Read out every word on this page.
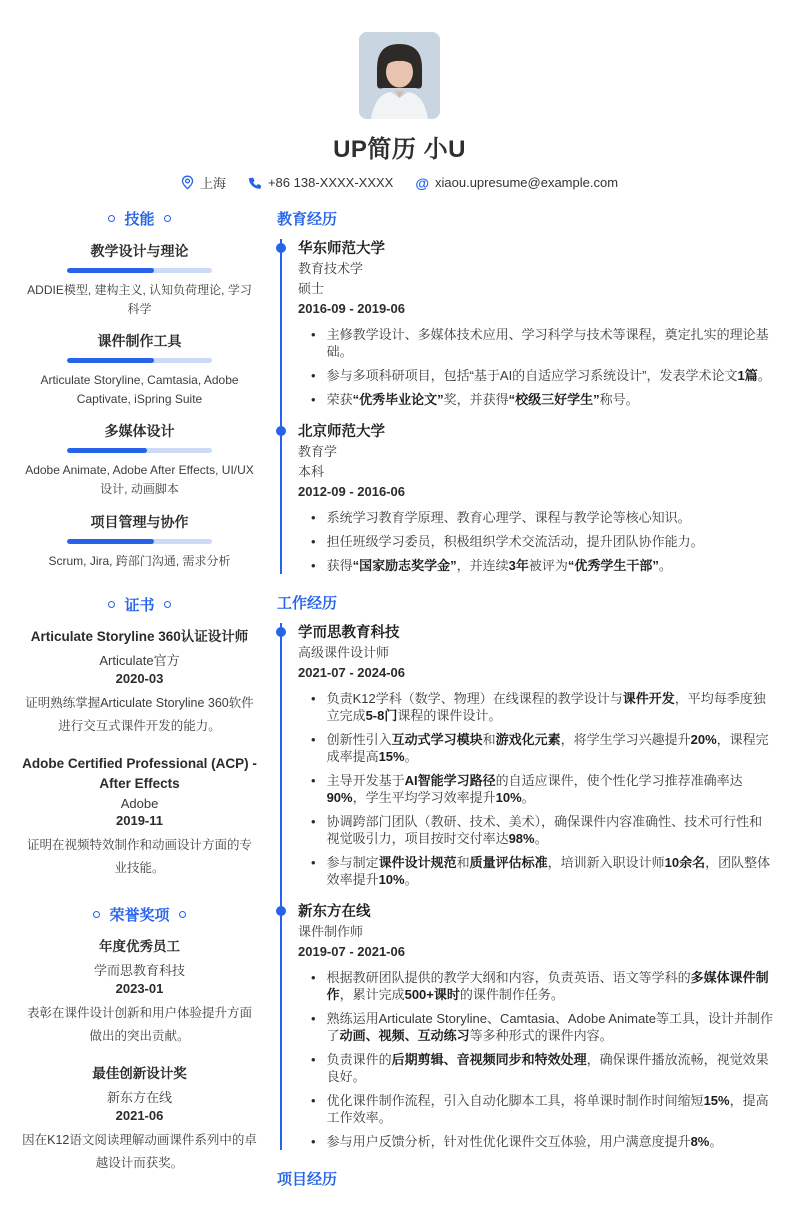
UP简历 小U
上海	+86 138-XXXX-XXXX @ xiaou.upresume@example.com
技能
教学设计与理论
ADDIE模型, 建构主义, 认知负荷理论, 学习科学
课件制作工具
Articulate Storyline, Camtasia, Adobe Captivate, iSpring Suite
多媒体设计
Adobe Animate, Adobe After Effects, UI/UX设计, 动画脚本
项目管理与协作
Scrum, Jira, 跨部门沟通, 需求分析
证书
Articulate Storyline 360认证设计师
Articulate官方
2020-03
证明熟练掌握Articulate Storyline 360软件进行交互式课件开发的能力。
Adobe Certified Professional (ACP) - After Effects
Adobe
2019-11
证明在视频特效制作和动画设计方面的专业技能。
荣誉奖项
年度优秀员工
学而思教育科技
2023-01
表彰在课件设计创新和用户体验提升方面做出的突出贡献。
最佳创新设计奖
新东方在线
2021-06
因在K12语文阅读理解动画课件系列中的卓越设计而获奖。
教育经历
华东师范大学
教育技术学
硕士
2016-09 - 2019-06
• 主修教学设计、多媒体技术应用、学习科学与技术等课程，奠定扎实的理论基础。
• 参与多项科研项目，包括“基于AI的自适应学习系统设计”，发表学术论文1篇。
• 荣获“优秀毕业论文”奖，并获得“校级三好学生”称号。
北京师范大学
教育学
本科
2012-09 - 2016-06
• 系统学习教育学原理、教育心理学、课程与教学论等核心知识。
• 担任班级学习委员，积极组织学术交流活动，提升团队协作能力。
• 获得“国家励志奖学金”，并连续3年被评为“优秀学生干部”。
工作经历
学而思教育科技
高级课件设计师
2021-07 - 2024-06
• 负责K12学科（数学、物理）在线课程的教学设计与课件开发，平均每季度独立完成5-8门课程的课件设计。
• 创新性引入互动式学习模块和游戏化元素，将学生学习兴趣提升20%，课程完成率提高15%。
• 主导开发基于AI智能学习路径的自适应课件，使个性化学习推荐准确率达90%，学生平均学习效率提升10%。
• 协调跨部门团队（教研、技术、美术），确保课件内容准确性、技术可行性和视觉吸引力，项目按时交付率达98%。
• 参与制定课件设计规范和质量评估标准，培训新入职设计师10余名，团队整体效率提升10%。
新东方在线
课件制作师
2019-07 - 2021-06
• 根据教研团队提供的教学大纲和内容，负责英语、语文等学科的多媒体课件制作，累计完成500+课时的课件制作任务。
• 熟练运用Articulate Storyline、Camtasia、Adobe Animate等工具，设计并制作了动画、视频、互动练习等多种形式的课件内容。
• 负责课件的后期剪辑、音视频同步和特效处理，确保课件播放流畅，视觉效果良好。
• 优化课件制作流程，引入自动化脚本工具，将单课时制作时间缩短15%，提高工作效率。
• 参与用户反馈分析，针对性优化课件交互体验，用户满意度提升8%。
项目经历
